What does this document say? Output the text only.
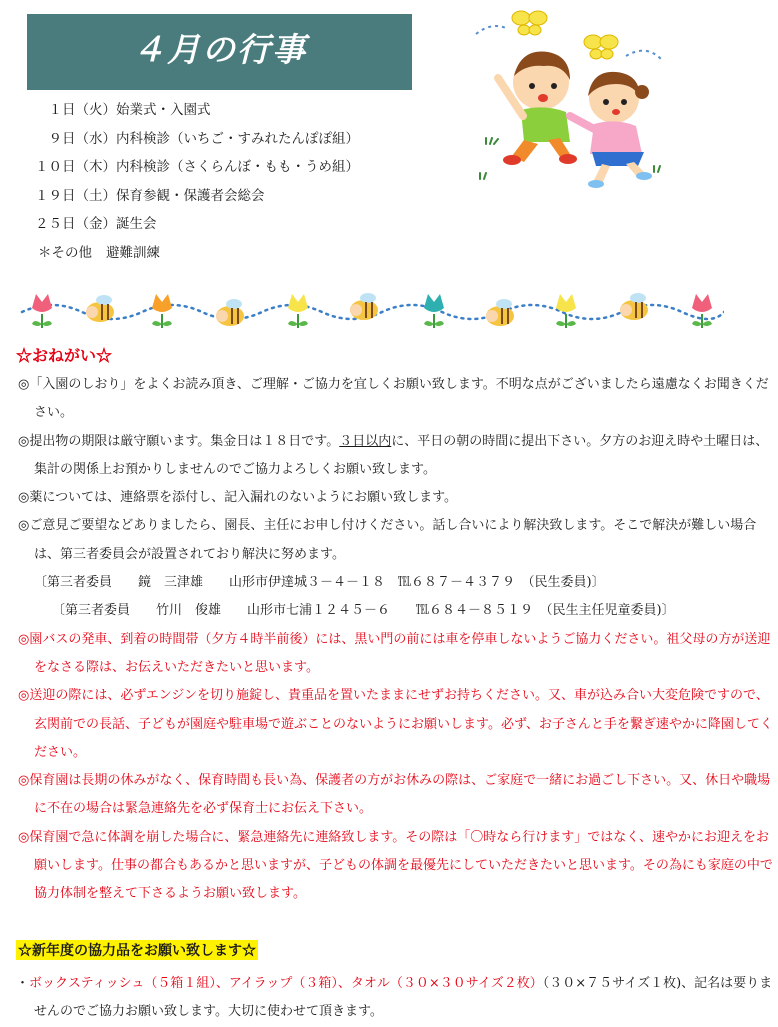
４月の行事
１日（火）始業式・入園式
９日（水）内科検診（いちご・すみれたんぽぽ組）
１０日（木）内科検診（さくらんぼ・もも・うめ組）
１９日（土）保育参観・保護者会総会
２５日（金）誕生会
＊その他 避難訓練
☆おねがい☆

◎「入園のしおり」をよくお読み頂き、ご理解・ご協力を宜しくお願い致します。不明な点がございましたら遠慮なくお聞きください。

◎提出物の期限は厳守願います。集金日は１８日です。３日以内に、平日の朝の時間に提出下さい。夕方のお迎え時や土曜日は、集計の関係上お預かりしませんのでご協力よろしくお願い致します。

◎薬については、連絡票を添付し、記入漏れのないようにお願い致します。

◎ご意見ご要望などありましたら、園長、主任にお申し付けください。話し合いにより解決致します。そこで解決が難しい場合は、第三者委員会が設置されており解決に努めます。

〔第三者委員　　鏡　三津雄　　山形市伊達城３－４－１８　℡６８７－４３７９　（民生委員)〕

〔第三者委員　　竹川　俊雄　　山形市七浦１２４５－６　　℡６８４－８５１９　（民生主任児童委員)〕

◎園バスの発車、到着の時間帯（夕方４時半前後）には、黒い門の前には車を停車しないようご協力ください。祖父母の方が送迎をなさる際は、お伝えいただきたいと思います。

◎送迎の際には、必ずエンジンを切り施錠し、貴重品を置いたままにせずお持ちください。又、車が込み合い大変危険ですので、玄関前での長話、子どもが園庭や駐車場で遊ぶことのないようにお願いします。必ず、お子さんと手を繋ぎ速やかに降園してください。

◎保育園は長期の休みがなく、保育時間も長い為、保護者の方がお休みの際は、ご家庭で一緒にお過ごし下さい。又、休日や職場に不在の場合は緊急連絡先を必ず保育士にお伝え下さい。

◎保育園で急に体調を崩した場合に、緊急連絡先に連絡致します。その際は「〇時なら行けます」ではなく、速やかにお迎えをお願いします。仕事の都合もあるかと思いますが、子どもの体調を最優先にしていただきたいと思います。その為にも家庭の中で協力体制を整えて下さるようお願い致します。

☆新年度の協力品をお願い致します☆
・ボックスティッシュ（５箱１組）、アイラップ（３箱）、タオル（３０×３０サイズ２枚）（３０×７５サイズ１枚)、記名は要りませんのでご協力お願い致します。大切に使わせて頂きます。
